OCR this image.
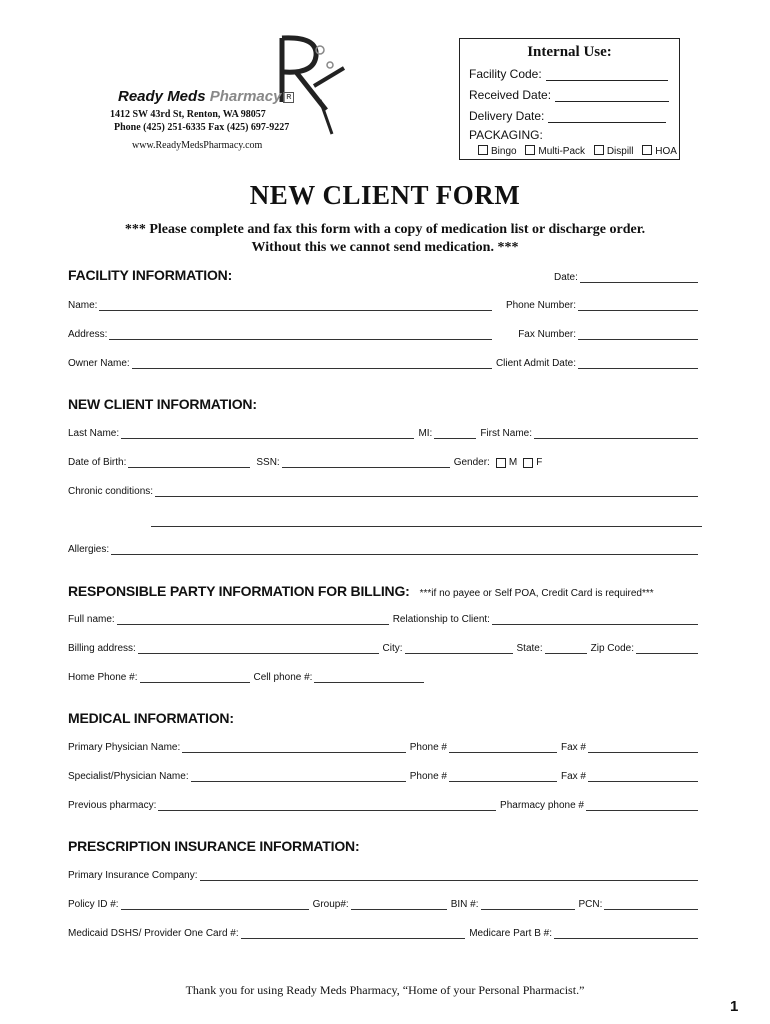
Ready Meds Pharmacy R
1412 SW 43rd St, Renton, WA 98057
Phone (425) 251-6335 Fax (425) 697-9227
www.ReadyMedsPharmacy.com
Internal Use:
Facility Code:
Received Date:
Delivery Date:
PACKAGING:
Bingo Multi-Pack Dispill HOA
NEW CLIENT FORM
*** Please complete and fax this form with a copy of medication list or discharge order.
Without this we cannot send medication. ***
FACILITY INFORMATION:	Date:
Name:	Phone Number:
Address:	Fax Number:
Owner Name:	Client Admit Date:
NEW CLIENT INFORMATION:
Last Name:	MI:	First Name:
Date of Birth:	SSN:	Gender: M F
Chronic conditions:
Allergies:
RESPONSIBLE PARTY INFORMATION FOR BILLING: ***if no payee or Self POA, Credit Card is required***
Full name:	Relationship to Client:
Billing address:	City:	State:	Zip Code:
Home Phone #:	Cell phone #:
MEDICAL INFORMATION:
Primary Physician Name:	Phone #	Fax #
Specialist/Physician Name:	Phone #	Fax #
Previous pharmacy:	Pharmacy phone #
PRESCRIPTION INSURANCE INFORMATION:
Primary Insurance Company:
Policy ID #:	Group#:	BIN #:	PCN:
Medicaid DSHS/ Provider One Card #:	Medicare Part B #:
Thank you for using Ready Meds Pharmacy, “Home of your Personal Pharmacist.”
1
